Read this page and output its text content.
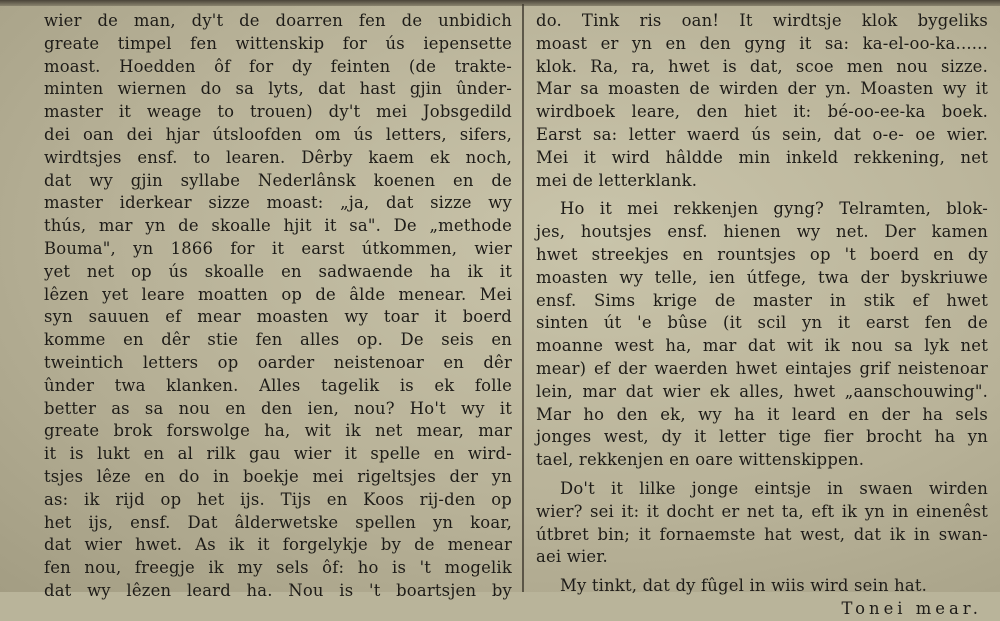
wier de man, dy't de doarren fen de unbidich
greate timpel fen wittenskip for ús iepensette
moast. Hoedden ôf for dy feinten (de trakte-
minten wiernen do sa lyts, dat hast gjin ûnder-
master it weage to trouen) dy't mei Jobsgedild
dei oan dei hjar útsloofden om ús letters, sifers,
wirdtsjes ensf. to learen. Dêrby kaem ek noch,
dat wy gjin syllabe Nederlânsk koenen en de
master iderkear sizze moast: „ja, dat sizze wy
thús, mar yn de skoalle hjit it sa". De „methode
Bouma", yn 1866 for it earst útkommen, wier
yet net op ús skoalle en sadwaende ha ik it
lêzen yet leare moatten op de âlde menear. Mei
syn sauuen ef mear moasten wy toar it boerd
komme en dêr stie fen alles op. De seis en
tweintich letters op oarder neistenoar en dêr
ûnder twa klanken. Alles tagelik is ek folle
better as sa nou en den ien, nou? Ho't wy it
greate brok forswolge ha, wit ik net mear, mar
it is lukt en al rilk gau wier it spelle en wird-
tsjes lêze en do in boekje mei rigeltsjes der yn
as: ik rijd op het ijs. Tijs en Koos rij-den op
het ijs, ensf. Dat âlderwetske spellen yn koar,
dat wier hwet. As ik it forgelykje by de menear
fen nou, freegje ik my sels ôf: ho is 't mogelik
dat wy lêzen leard ha. Nou is 't boartsjen by
do. Tink ris oan! It wirdtsje klok bygeliks
moast er yn en den gyng it sa: ka-el-oo-ka......
klok. Ra, ra, hwet is dat, scoe men nou sizze.
Mar sa moasten de wirden der yn. Moasten wy it
wirdboek leare, den hiet it: bé-oo-ee-ka boek.
Earst sa: letter waerd ús sein, dat o-e- oe wier.
Mei it wird hâldde min inkeld rekkening, net
mei de letterklank.
Ho it mei rekkenjen gyng? Telramten, blok-
jes, houtsjes ensf. hienen wy net. Der kamen
hwet streekjes en rountsjes op 't boerd en dy
moasten wy telle, ien útfege, twa der byskriuwe
ensf. Sims krige de master in stik ef hwet
sinten út 'e bûse (it scil yn it earst fen de
moanne west ha, mar dat wit ik nou sa lyk net
mear) ef der waerden hwet eintajes grif neistenoar
lein, mar dat wier ek alles, hwet „aanschouwing".
Mar ho den ek, wy ha it leard en der ha sels
jonges west, dy it letter tige fier brocht ha yn
tael, rekkenjen en oare wittenskippen.
Do't it lilke jonge eintsje in swaen wirden
wier? sei it: it docht er net ta, eft ik yn in einenêst
útbret bin; it fornaemste hat west, dat ik in swan-
aei wier.
My tinkt, dat dy fûgel in wiis wird sein hat.
Tonei mear.
